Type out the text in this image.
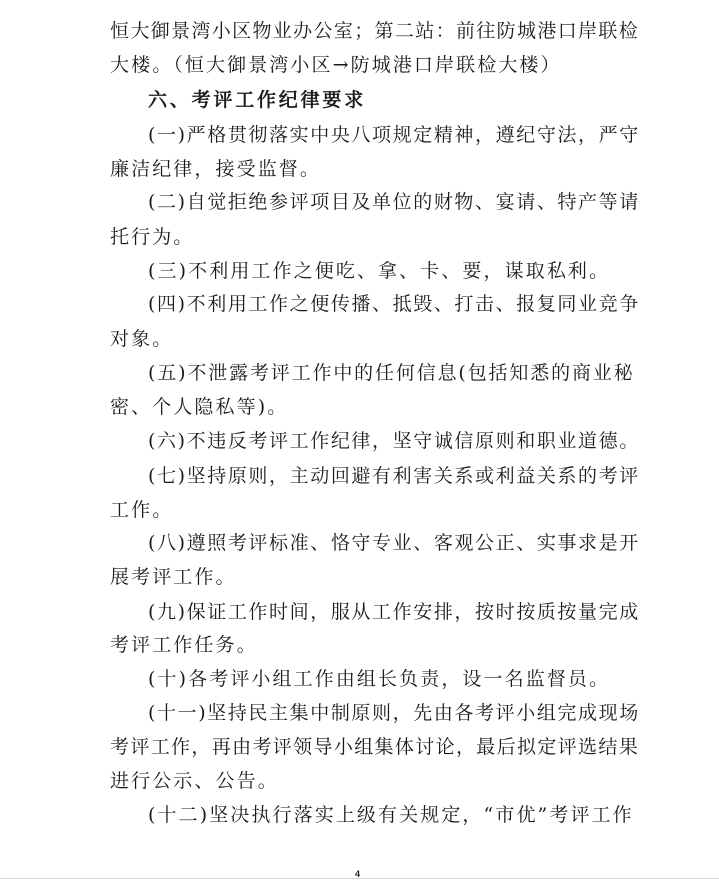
恒大御景湾小区物业办公室；第二站：前往防城港口岸联检
大楼。（恒大御景湾小区→防城港口岸联检大楼）
六、考评工作纪律要求
(一)严格贯彻落实中央八项规定精神，遵纪守法，严守
廉洁纪律，接受监督。
(二)自觉拒绝参评项目及单位的财物、宴请、特产等请
托行为。
(三)不利用工作之便吃、拿、卡、要，谋取私利。
(四)不利用工作之便传播、抵毁、打击、报复同业竞争
对象。
(五)不泄露考评工作中的任何信息(包括知悉的商业秘
密、个人隐私等)。
(六)不违反考评工作纪律，坚守诚信原则和职业道德。
(七)坚持原则，主动回避有利害关系或利益关系的考评
工作。
(八)遵照考评标准、恪守专业、客观公正、实事求是开
展考评工作。
(九)保证工作时间，服从工作安排，按时按质按量完成
考评工作任务。
(十)各考评小组工作由组长负责，设一名监督员。
(十一)坚持民主集中制原则，先由各考评小组完成现场
考评工作，再由考评领导小组集体讨论，最后拟定评选结果
进行公示、公告。
(十二)坚决执行落实上级有关规定，“市优”考评工作
4
